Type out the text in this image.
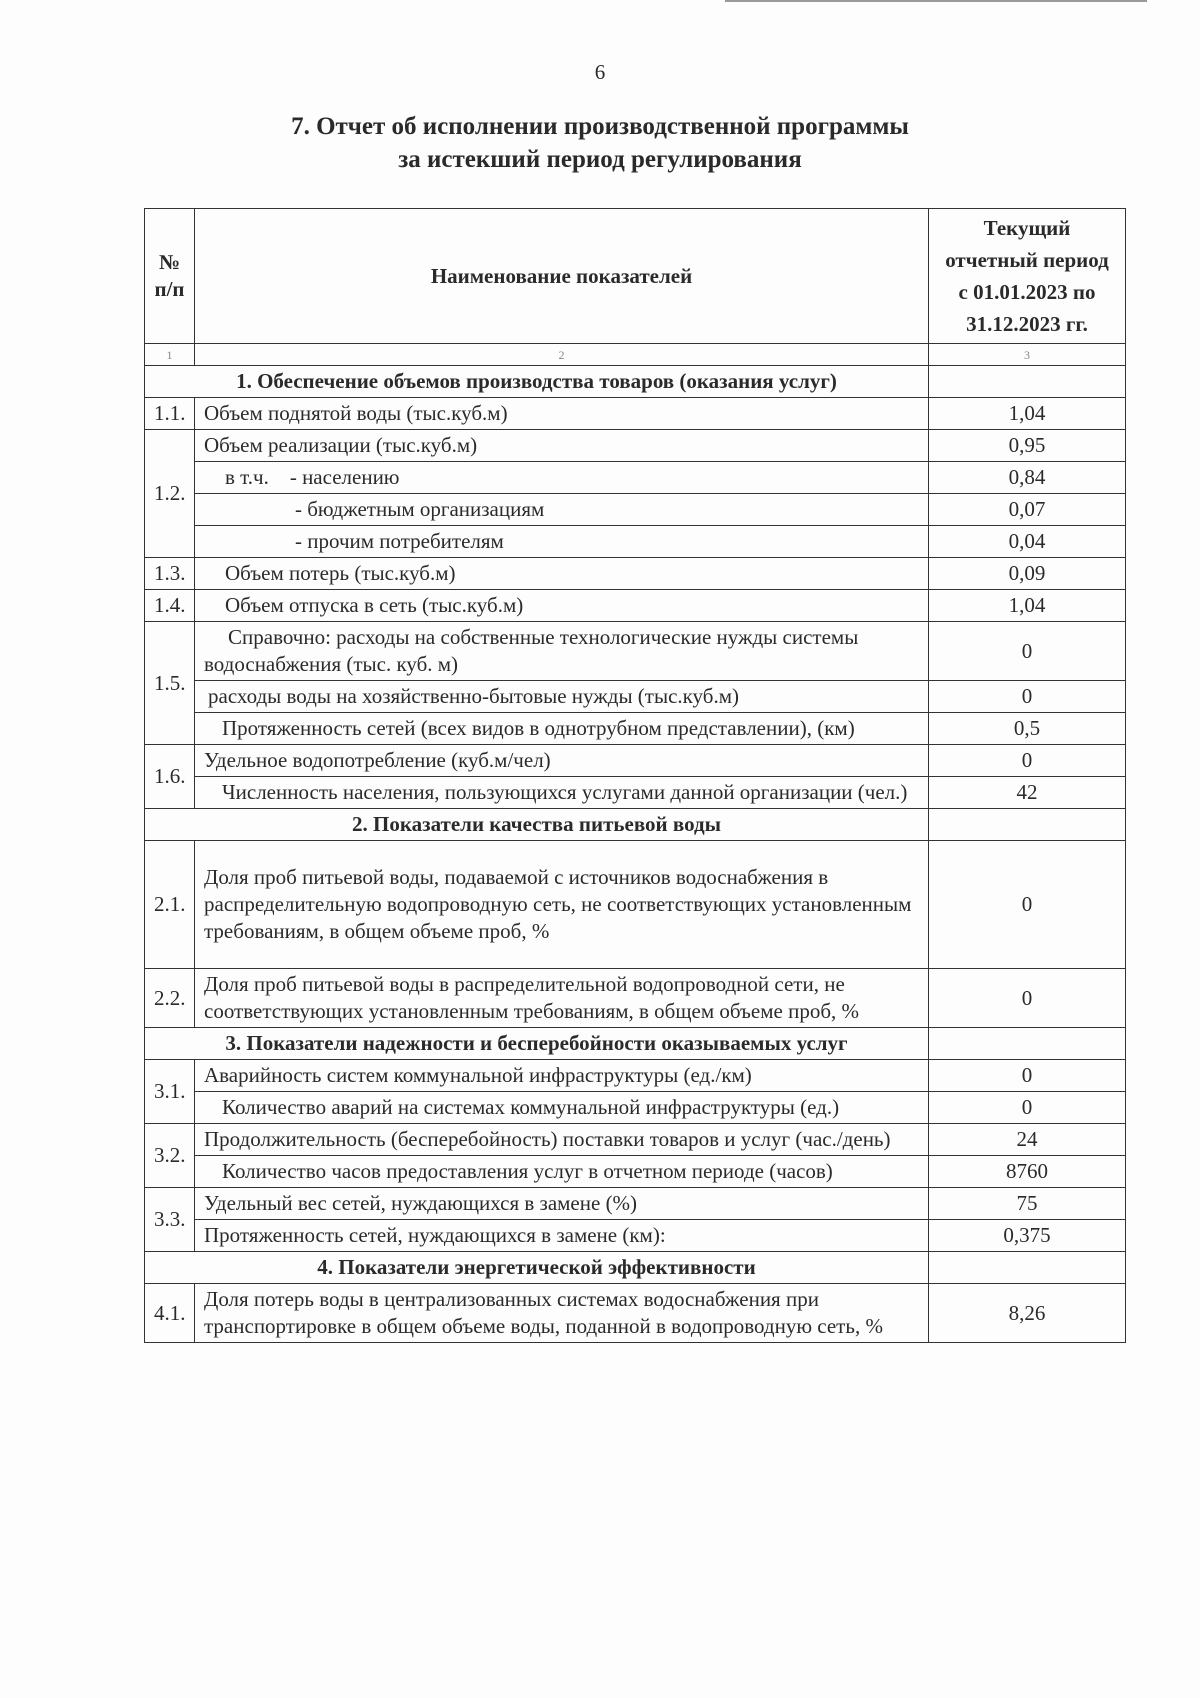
6
7. Отчет об исполнении производственной программы
за истекший период регулирования
№ п/п	Наименование показателей	Текущий отчетный период с 01.01.2023 по 31.12.2023 гг.
1	2	3
1. Обеспечение объемов производства товаров (оказания услуг)		
1.1.	Объем поднятой воды (тыс.куб.м)	1,04
1.2.	Объем реализации (тыс.куб.м)	0,95
	в т.ч.    - населению	0,84
	- бюджетным организациям	0,07
	- прочим потребителям	0,04
1.3.	Объем потерь (тыс.куб.м)	0,09
1.4.	Объем отпуска в сеть (тыс.куб.м)	1,04
1.5.	Справочно: расходы на собственные технологические нужды системы водоснабжения (тыс. куб. м)	0
	расходы воды на хозяйственно-бытовые нужды (тыс.куб.м)	0
	Протяженность сетей (всех видов в однотрубном представлении), (км)	0,5
1.6.	Удельное водопотребление (куб.м/чел)	0
	Численность населения, пользующихся услугами данной организации (чел.)	42
2. Показатели качества питьевой воды		
2.1.	Доля проб питьевой воды, подаваемой с источников водоснабжения в распределительную водопроводную сеть, не соответствующих установленным требованиям, в общем объеме проб, %	0
2.2.	Доля проб питьевой воды в распределительной водопроводной сети, не соответствующих установленным требованиям, в общем объеме проб, %	0
3. Показатели надежности и бесперебойности оказываемых услуг		
3.1.	Аварийность систем коммунальной инфраструктуры (ед./км)	0
	Количество аварий на системах коммунальной инфраструктуры (ед.)	0
3.2.	Продолжительность (бесперебойность) поставки товаров и услуг (час./день)	24
	Количество часов предоставления услуг в отчетном периоде (часов)	8760
3.3.	Удельный вес сетей, нуждающихся в замене (%)	75
	Протяженность сетей, нуждающихся в замене (км):	0,375
4. Показатели энергетической эффективности		
4.1.	Доля потерь воды в централизованных системах водоснабжения при транспортировке в общем объеме воды, поданной в водопроводную сеть, %	8,26
